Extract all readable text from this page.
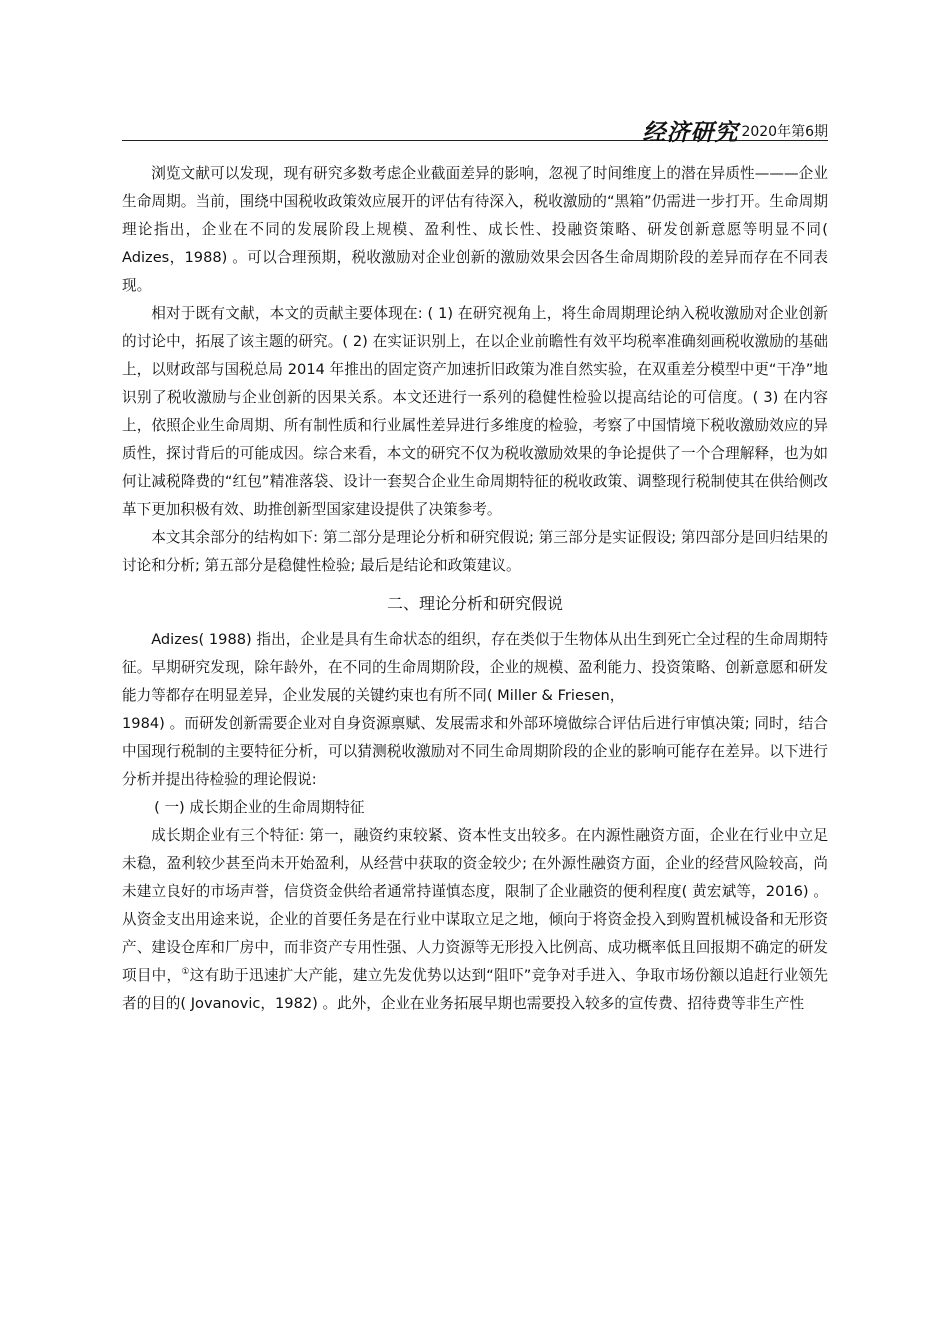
经济研究 2020年第6期

浏览文献可以发现，现有研究多数考虑企业截面差异的影响，忽视了时间维度上的潜在异质性———企业生命周期。当前，围绕中国税收政策效应展开的评估有待深入，税收激励的“黑箱”仍需进一步打开。生命周期理论指出，企业在不同的发展阶段上规模、盈利性、成长性、投融资策略、研发创新意愿等明显不同( Adizes，1988) 。可以合理预期，税收激励对企业创新的激励效果会因各生命周期阶段的差异而存在不同表现。

相对于既有文献，本文的贡献主要体现在: ( 1) 在研究视角上，将生命周期理论纳入税收激励对企业创新的讨论中，拓展了该主题的研究。( 2) 在实证识别上，在以企业前瞻性有效平均税率准确刻画税收激励的基础上，以财政部与国税总局 2014 年推出的固定资产加速折旧政策为准自然实验，在双重差分模型中更“干净”地识别了税收激励与企业创新的因果关系。本文还进行一系列的稳健性检验以提高结论的可信度。( 3) 在内容上，依照企业生命周期、所有制性质和行业属性差异进行多维度的检验，考察了中国情境下税收激励效应的异质性，探讨背后的可能成因。综合来看，本文的研究不仅为税收激励效果的争论提供了一个合理解释，也为如何让减税降费的“红包”精准落袋、设计一套契合企业生命周期特征的税收政策、调整现行税制使其在供给侧改革下更加积极有效、助推创新型国家建设提供了决策参考。

本文其余部分的结构如下: 第二部分是理论分析和研究假说; 第三部分是实证假设; 第四部分是回归结果的讨论和分析; 第五部分是稳健性检验; 最后是结论和政策建议。

二、理论分析和研究假说

Adizes( 1988) 指出，企业是具有生命状态的组织，存在类似于生物体从出生到死亡全过程的生命周期特征。早期研究发现，除年龄外，在不同的生命周期阶段，企业的规模、盈利能力、投资策略、创新意愿和研发能力等都存在明显差异，企业发展的关键约束也有所不同( Miller & Friesen，

1984) 。而研发创新需要企业对自身资源禀赋、发展需求和外部环境做综合评估后进行审慎决策; 同时，结合中国现行税制的主要特征分析，可以猜测税收激励对不同生命周期阶段的企业的影响可能存在差异。以下进行分析并提出待检验的理论假说:

( 一) 成长期企业的生命周期特征

成长期企业有三个特征: 第一，融资约束较紧、资本性支出较多。在内源性融资方面，企业在行业中立足未稳，盈利较少甚至尚未开始盈利，从经营中获取的资金较少; 在外源性融资方面，企业的经营风险较高，尚未建立良好的市场声誉，信贷资金供给者通常持谨慎态度，限制了企业融资的便利程度( 黄宏斌等，2016) 。从资金支出用途来说，企业的首要任务是在行业中谋取立足之地，倾向于将资金投入到购置机械设备和无形资产、建设仓库和厂房中，而非资产专用性强、人力资源等无形投入比例高、成功概率低且回报期不确定的研发项目中，①这有助于迅速扩大产能，建立先发优势以达到“阻吓”竞争对手进入、争取市场份额以追赶行业领先者的目的( Jovanovic，1982) 。此外，企业在业务拓展早期也需要投入较多的宣传费、招待费等非生产性
